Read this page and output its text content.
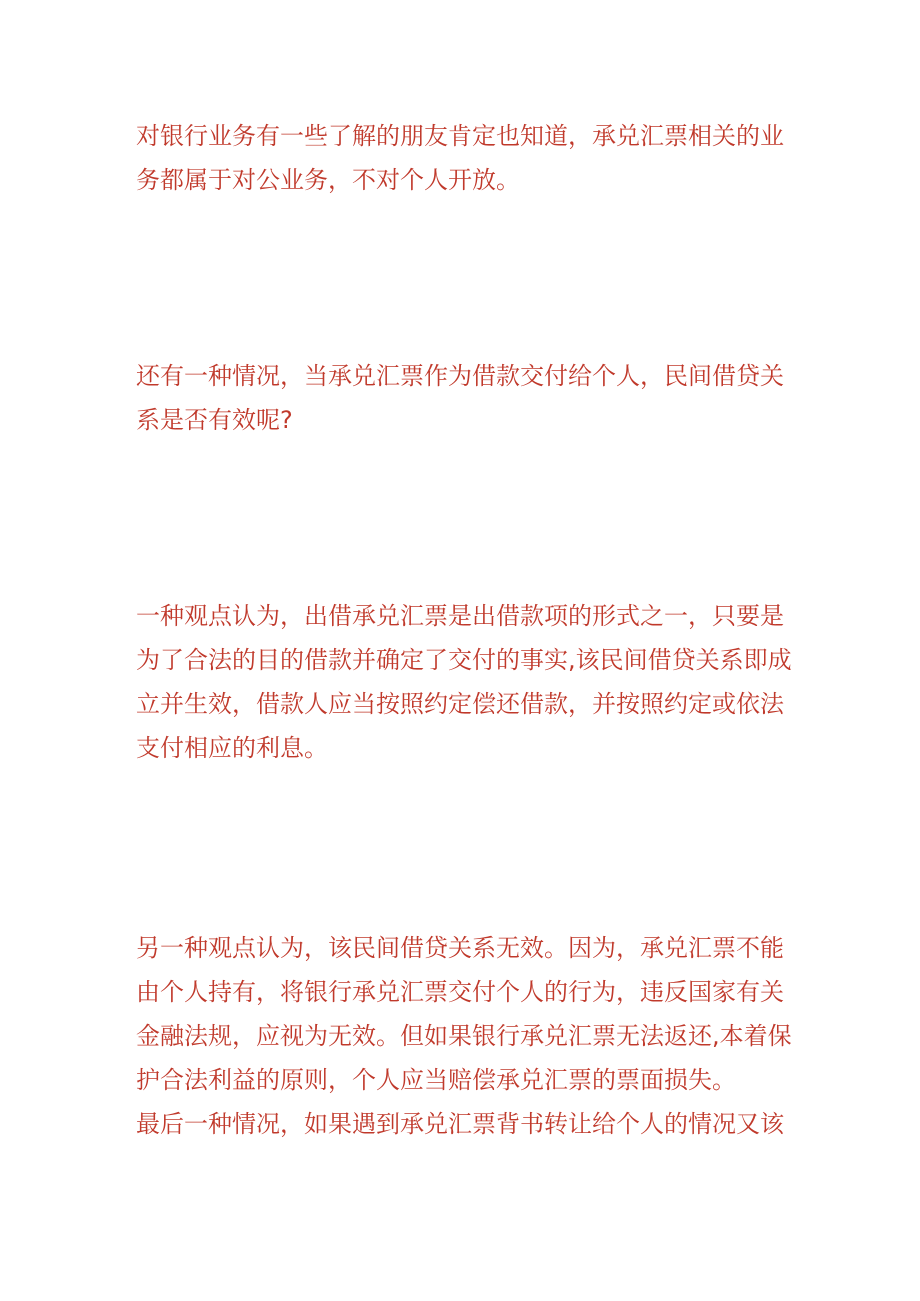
对银行业务有一些了解的朋友肯定也知道，承兑汇票相关的业务都属于对公业务，不对个人开放。

还有一种情况，当承兑汇票作为借款交付给个人，民间借贷关系是否有效呢?

一种观点认为，出借承兑汇票是出借款项的形式之一，只要是为了合法的目的借款并确定了交付的事实,该民间借贷关系即成立并生效，借款人应当按照约定偿还借款，并按照约定或依法支付相应的利息。

另一种观点认为，该民间借贷关系无效。因为，承兑汇票不能由个人持有，将银行承兑汇票交付个人的行为，违反国家有关金融法规，应视为无效。但如果银行承兑汇票无法返还,本着保护合法利益的原则，个人应当赔偿承兑汇票的票面损失。
最后一种情况，如果遇到承兑汇票背书转让给个人的情况又该
